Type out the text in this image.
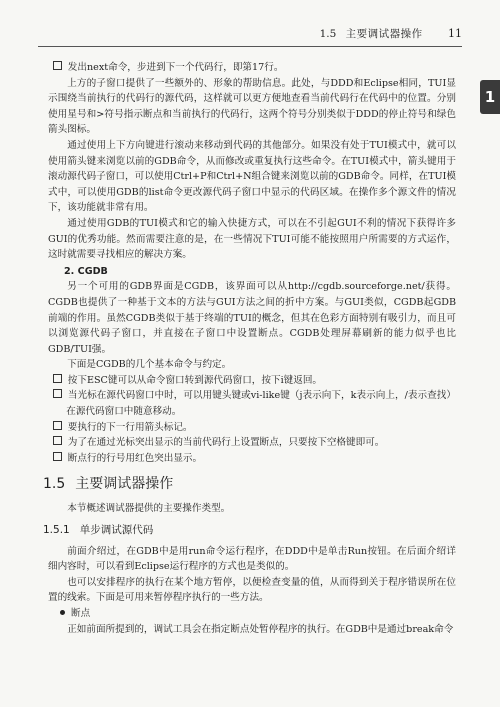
1.5 主要调试器操作 11
1

发出next命令，步进到下一个代码行，即第17行。

上方的子窗口提供了一些额外的、形象的帮助信息。此处，与DDD和Eclipse相同，TUI显示围绕当前执行的代码行的源代码，这样就可以更方便地查看当前代码行在代码中的位置。分别使用星号和>符号指示断点和当前执行的代码行，这两个符号分别类似于DDD的停止符号和绿色箭头图标。

通过使用上下方向键进行滚动来移动到代码的其他部分。如果没有处于TUI模式中，就可以使用箭头键来浏览以前的GDB命令，从而修改或重复执行这些命令。在TUI模式中，箭头键用于滚动源代码子窗口，可以使用Ctrl+P和Ctrl+N组合键来浏览以前的GDB命令。同样，在TUI模式中，可以使用GDB的list命令更改源代码子窗口中显示的代码区域。在操作多个源文件的情况下，该功能就非常有用。

通过使用GDB的TUI模式和它的输入快捷方式，可以在不引起GUI不利的情况下获得许多GUI的优秀功能。然而需要注意的是，在一些情况下TUI可能不能按照用户所需要的方式运作，这时就需要寻找相应的解决方案。

2. CGDB

另一个可用的GDB界面是CGDB，该界面可以从http://cgdb.sourceforge.net/获得。CGDB也提供了一种基于文本的方法与GUI方法之间的折中方案。与GUI类似，CGDB起GDB前端的作用。虽然CGDB类似于基于终端的TUI的概念，但其在色彩方面特别有吸引力，而且可以浏览源代码子窗口，并直接在子窗口中设置断点。CGDB处理屏幕刷新的能力似乎也比GDB/TUI强。

下面是CGDB的几个基本命令与约定。

按下ESC键可以从命令窗口转到源代码窗口，按下i键返回。

当光标在源代码窗口中时，可以用键头键或vi-like键（j表示向下，k表示向上，/表示查找）在源代码窗口中随意移动。

要执行的下一行用箭头标记。

为了在通过光标突出显示的当前代码行上设置断点，只要按下空格键即可。

断点行的行号用红色突出显示。

1.5 主要调试器操作

本节概述调试器提供的主要操作类型。

1.5.1 单步调试源代码

前面介绍过，在GDB中是用run命令运行程序，在DDD中是单击Run按钮。在后面介绍详细内容时，可以看到Eclipse运行程序的方式也是类似的。

也可以安排程序的执行在某个地方暂停，以便检查变量的值，从而得到关于程序错误所在位置的线索。下面是可用来暂停程序执行的一些方法。

断点

正如前面所提到的，调试工具会在指定断点处暂停程序的执行。在GDB中是通过break命令
